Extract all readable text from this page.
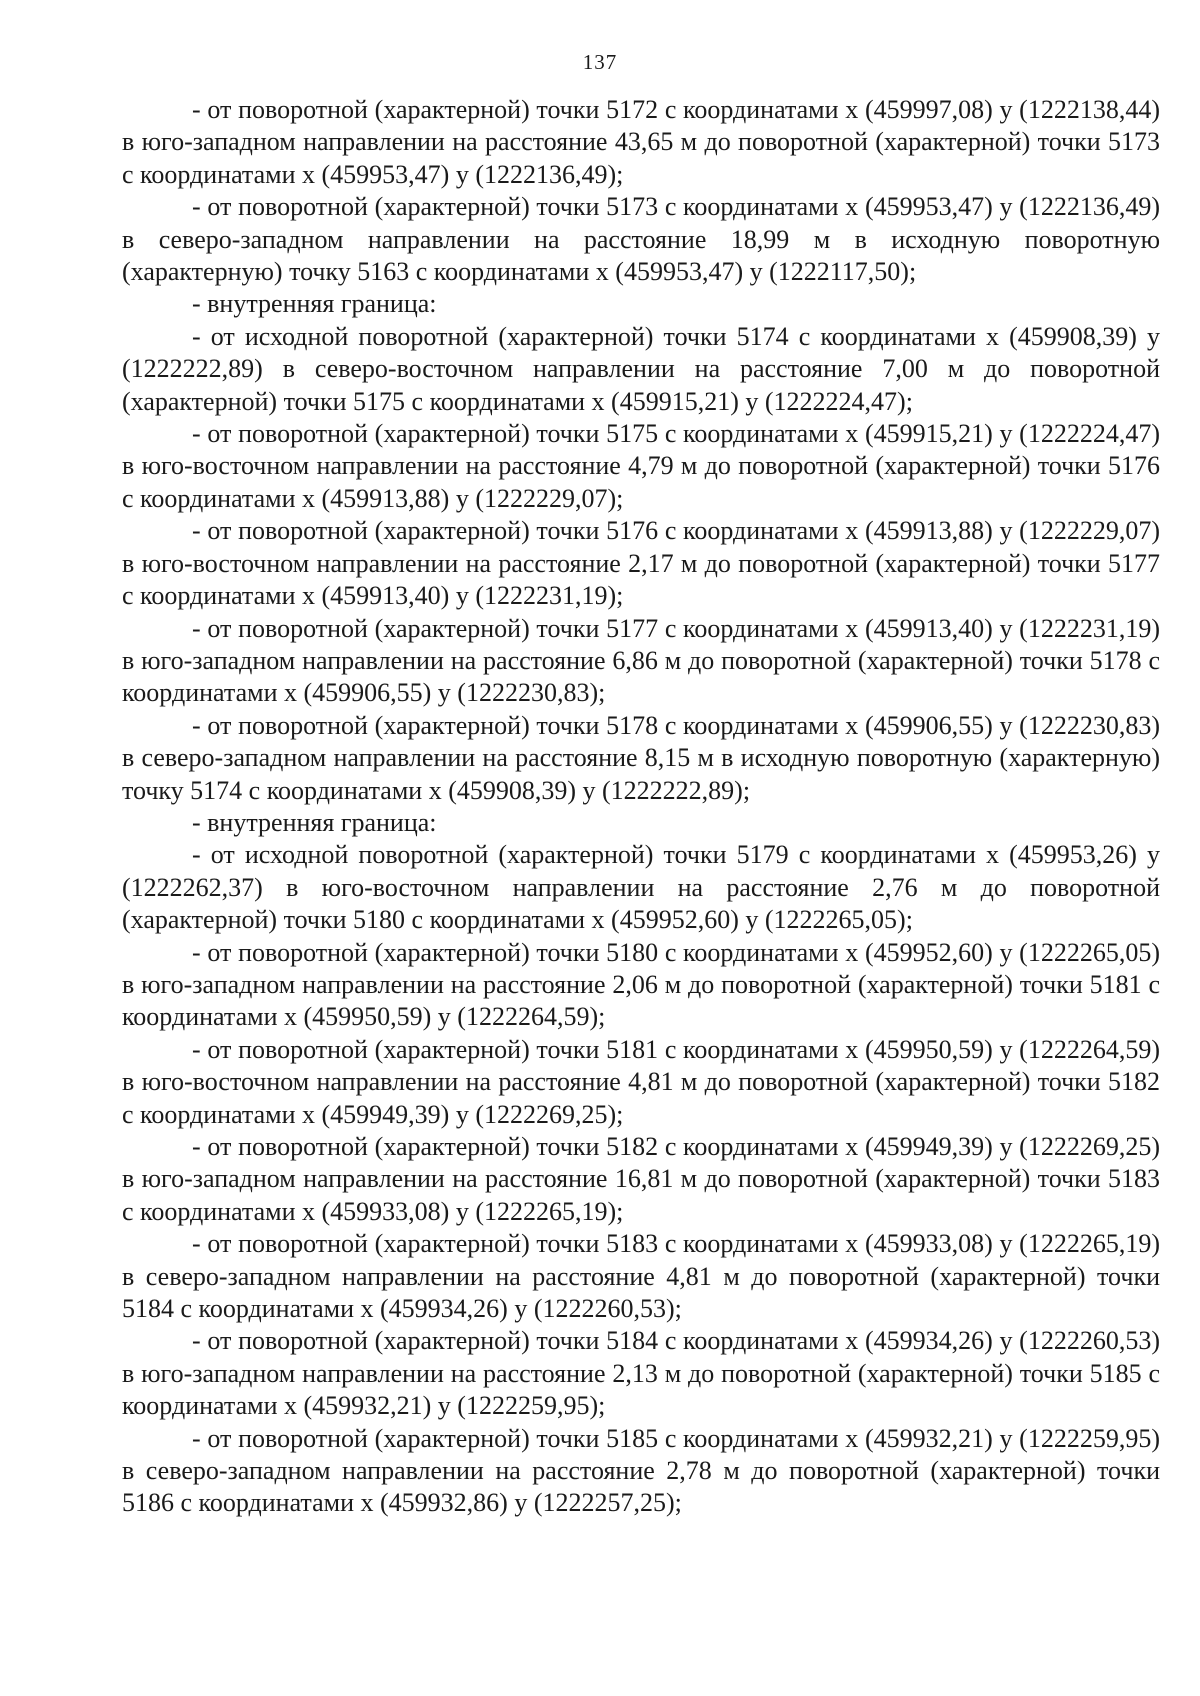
137

- от поворотной (характерной) точки 5172 с координатами x (459997,08) y (1222138,44) в юго-западном направлении на расстояние 43,65 м до поворотной (характерной) точки 5173 с координатами x (459953,47) y (1222136,49);

- от поворотной (характерной) точки 5173 с координатами x (459953,47) y (1222136,49) в северо-западном направлении на расстояние 18,99 м в исходную поворотную (характерную) точку 5163 с координатами x (459953,47) y (1222117,50);

- внутренняя граница:

- от исходной поворотной (характерной) точки 5174 с координатами x (459908,39) y (1222222,89) в северо-восточном направлении на расстояние 7,00 м до поворотной (характерной) точки 5175 с координатами x (459915,21) y (1222224,47);

- от поворотной (характерной) точки 5175 с координатами x (459915,21) y (1222224,47) в юго-восточном направлении на расстояние 4,79 м до поворотной (характерной) точки 5176 с координатами x (459913,88) y (1222229,07);

- от поворотной (характерной) точки 5176 с координатами x (459913,88) y (1222229,07) в юго-восточном направлении на расстояние 2,17 м до поворотной (характерной) точки 5177 с координатами x (459913,40) y (1222231,19);

- от поворотной (характерной) точки 5177 с координатами x (459913,40) y (1222231,19) в юго-западном направлении на расстояние 6,86 м до поворотной (характерной) точки 5178 с координатами x (459906,55) y (1222230,83);

- от поворотной (характерной) точки 5178 с координатами x (459906,55) y (1222230,83) в северо-западном направлении на расстояние 8,15 м в исходную поворотную (характерную) точку 5174 с координатами x (459908,39) y (1222222,89);

- внутренняя граница:

- от исходной поворотной (характерной) точки 5179 с координатами x (459953,26) y (1222262,37) в юго-восточном направлении на расстояние 2,76 м до поворотной (характерной) точки 5180 с координатами x (459952,60) y (1222265,05);

- от поворотной (характерной) точки 5180 с координатами x (459952,60) y (1222265,05) в юго-западном направлении на расстояние 2,06 м до поворотной (характерной) точки 5181 с координатами x (459950,59) y (1222264,59);

- от поворотной (характерной) точки 5181 с координатами x (459950,59) y (1222264,59) в юго-восточном направлении на расстояние 4,81 м до поворотной (характерной) точки 5182 с координатами x (459949,39) y (1222269,25);

- от поворотной (характерной) точки 5182 с координатами x (459949,39) y (1222269,25) в юго-западном направлении на расстояние 16,81 м до поворотной (характерной) точки 5183 с координатами x (459933,08) y (1222265,19);

- от поворотной (характерной) точки 5183 с координатами x (459933,08) y (1222265,19) в северо-западном направлении на расстояние 4,81 м до поворотной (характерной) точки 5184 с координатами x (459934,26) y (1222260,53);

- от поворотной (характерной) точки 5184 с координатами x (459934,26) y (1222260,53) в юго-западном направлении на расстояние 2,13 м до поворотной (характерной) точки 5185 с координатами x (459932,21) y (1222259,95);

- от поворотной (характерной) точки 5185 с координатами x (459932,21) y (1222259,95) в северо-западном направлении на расстояние 2,78 м до поворотной (характерной) точки 5186 с координатами x (459932,86) y (1222257,25);
